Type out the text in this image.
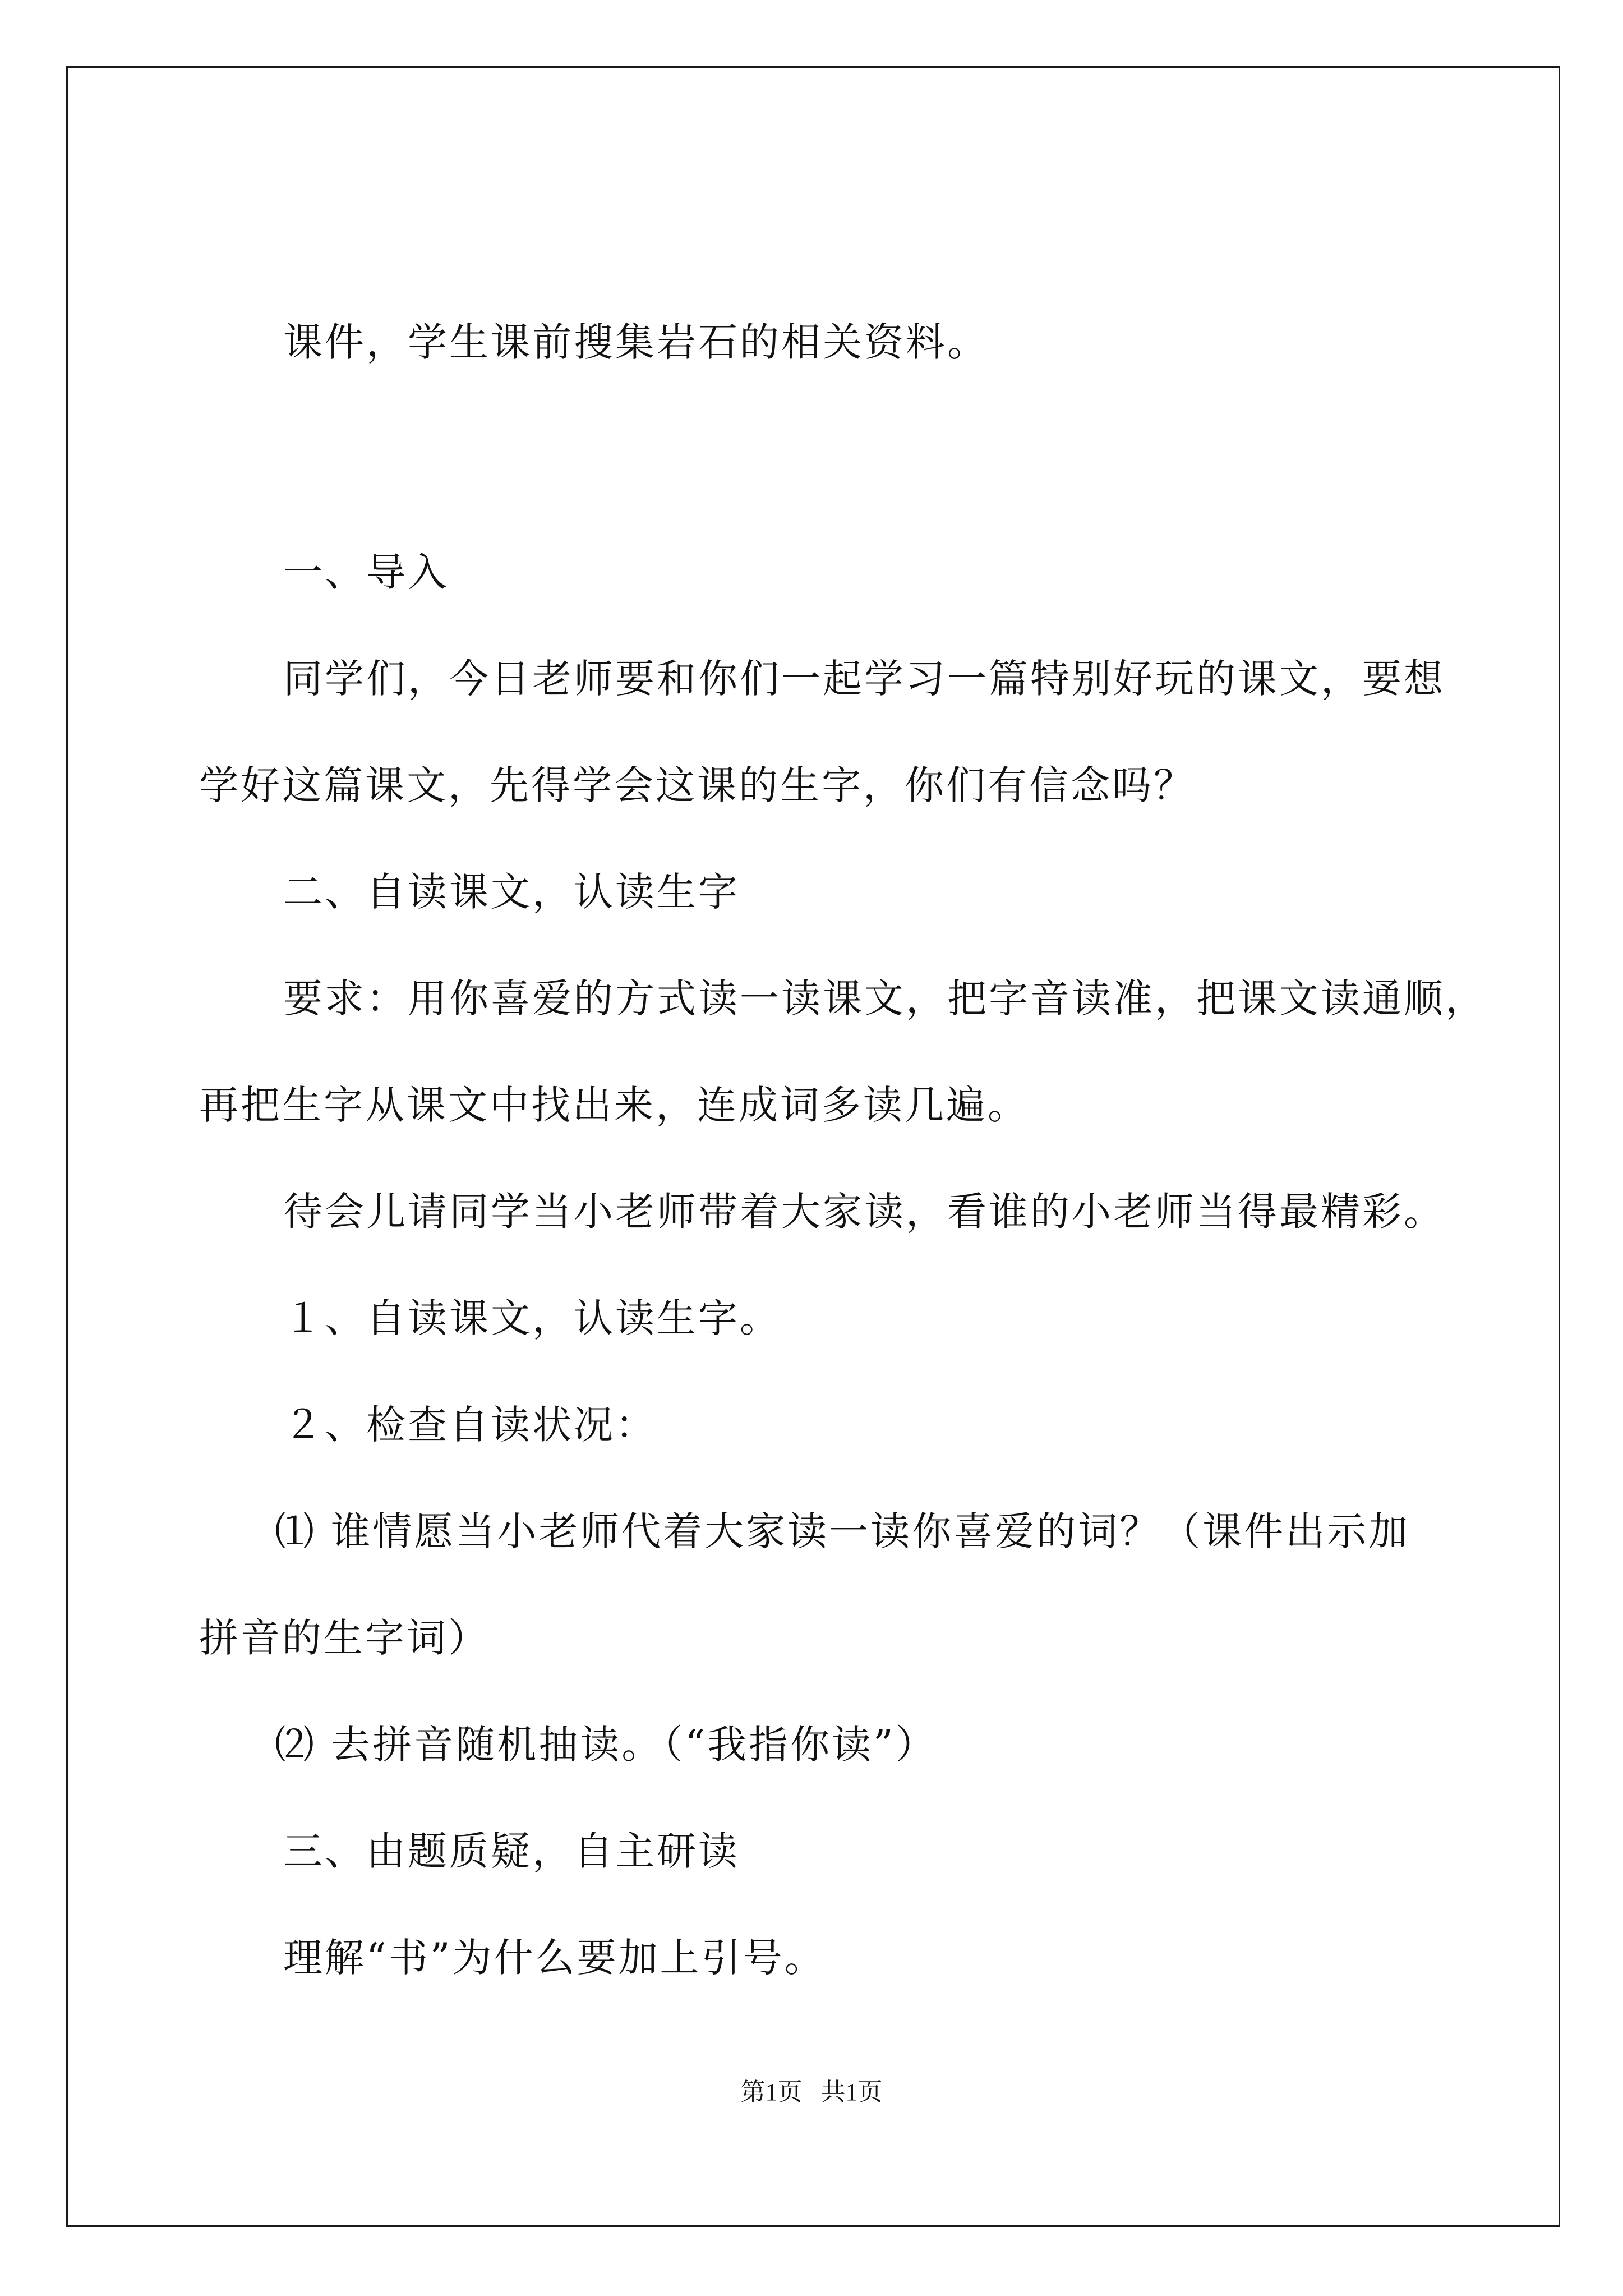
课件，学生课前搜集岩石的相关资料。
一、导入
同学们，今日老师要和你们一起学习一篇特别好玩的课文，要想
学好这篇课文，先得学会这课的生字，你们有信念吗？
二、自读课文，认读生字
要求：用你喜爱的方式读一读课文，把字音读准，把课文读通顺，
再把生字从课文中找出来，连成词多读几遍。
待会儿请同学当小老师带着大家读，看谁的小老师当得最精彩。
１、自读课文，认读生字。
２、检查自读状况：
⑴ 谁情愿当小老师代着大家读一读你喜爱的词？（课件出示加
拼音的生字词）
⑵ 去拼音随机抽读。（“我指你读”）
三、由题质疑，自主研读
理解“书”为什么要加上引号。
第1页   共1页
